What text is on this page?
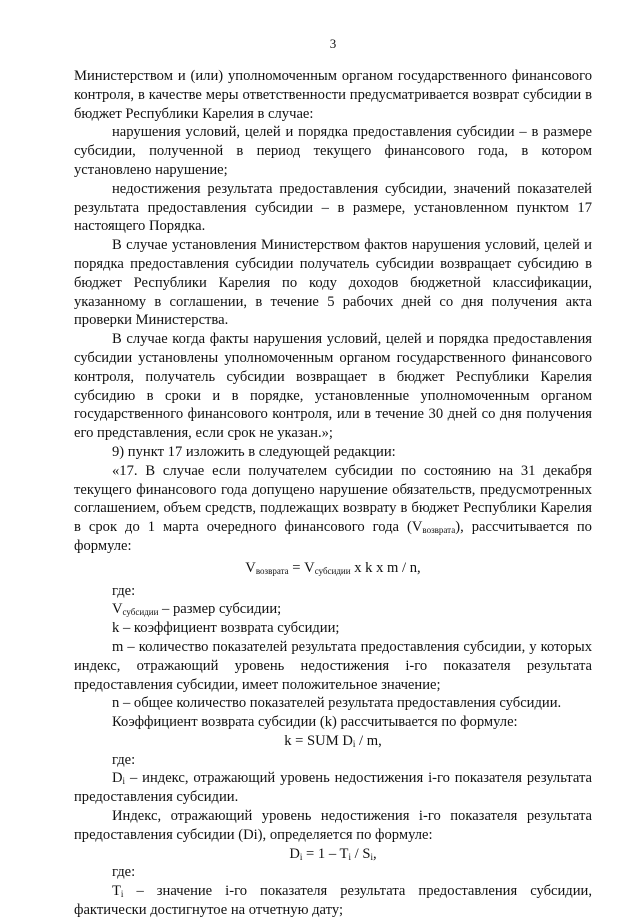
3

Министерством и (или) уполномоченным органом государственного финансового контроля, в качестве меры ответственности предусматривается возврат субсидии в бюджет Республики Карелия в случае:

нарушения условий, целей и порядка предоставления субсидии – в размере субсидии, полученной в период текущего финансового года, в котором установлено нарушение;

недостижения результата предоставления субсидии, значений показателей результата предоставления субсидии – в размере, установленном пунктом 17 настоящего Порядка.

В случае установления Министерством фактов нарушения условий, целей и порядка предоставления субсидии получатель субсидии возвращает субсидию в бюджет Республики Карелия по коду доходов бюджетной классификации, указанному в соглашении, в течение 5 рабочих дней со дня получения акта проверки Министерства.

В случае когда факты нарушения условий, целей и порядка предоставления субсидии установлены уполномоченным органом государственного финансового контроля, получатель субсидии возвращает в бюджет Республики Карелия субсидию в сроки и в порядке, установленные уполномоченным органом государственного финансового контроля, или в течение 30 дней со дня получения его представления, если срок не указан.»;

9) пункт 17 изложить в следующей редакции:

«17. В случае если получателем субсидии по состоянию на 31 декабря текущего финансового года допущено нарушение обязательств, предусмотренных соглашением, объем средств, подлежащих возврату в бюджет Республики Карелия в срок до 1 марта очередного финансового года $(V_{возврата})$, рассчитывается по формуле:

$V_{возврата} = V_{субсидии}$ x k x m / n,

где:

$V_{субсидии}$ – размер субсидии;

k – коэффициент возврата субсидии;

m – количество показателей результата предоставления субсидии, у которых индекс, отражающий уровень недостижения i-го показателя результата предоставления субсидии, имеет положительное значение;

n – общее количество показателей результата предоставления субсидии.

Коэффициент возврата субсидии (k) рассчитывается по формуле:

k = SUM $D_i$ / m,

где:

$D_i$ – индекс, отражающий уровень недостижения i-го показателя результата предоставления субсидии.

Индекс, отражающий уровень недостижения i-го показателя результата предоставления субсидии (Di), определяется по формуле:

$D_i = 1 - T_i / S_i$,

где:

$T_i$ – значение i-го показателя результата предоставления субсидии, фактически достигнутое на отчетную дату;
